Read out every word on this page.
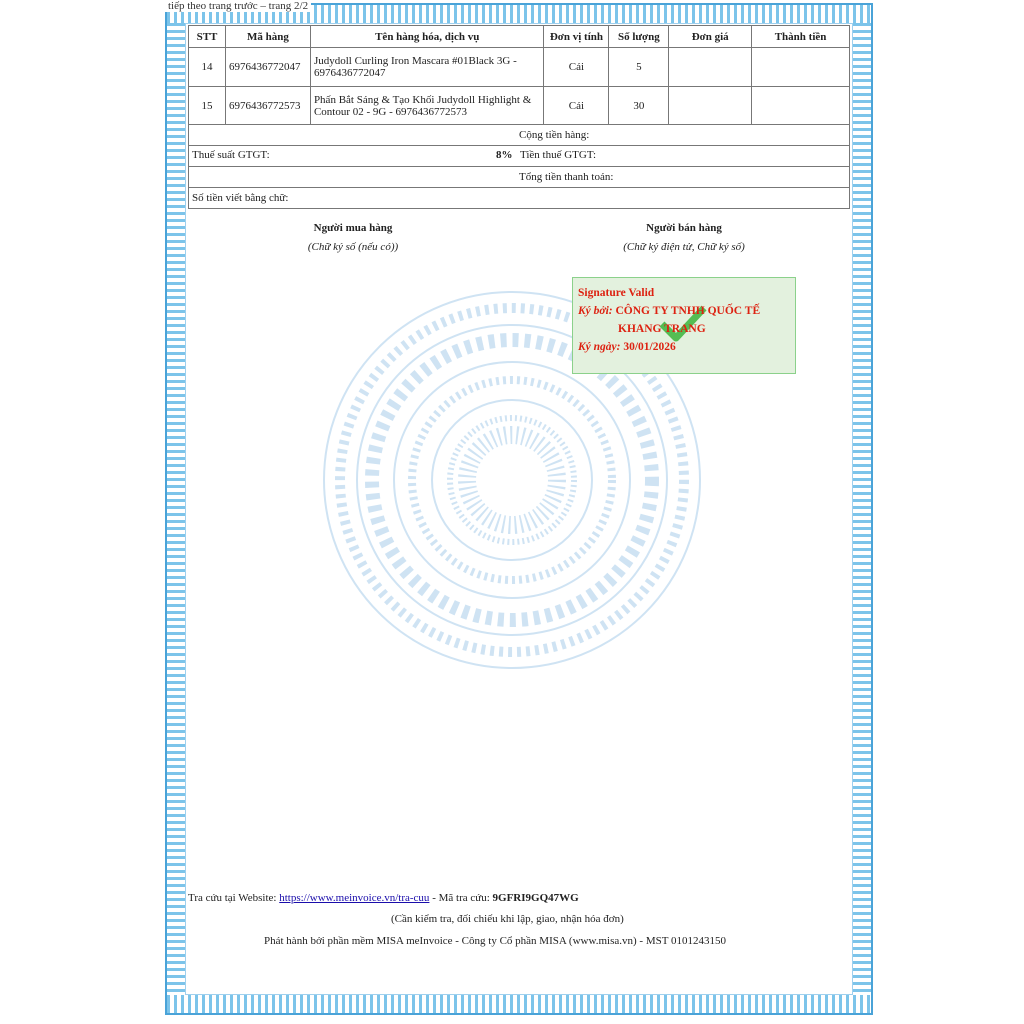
tiếp theo trang trước – trang 2/2
STT	Mã hàng	Tên hàng hóa, dịch vụ	Đơn vị tính	Số lượng	Đơn giá	Thành tiền
14	6976436772047	Judydoll Curling Iron Mascara #01Black 3G - 6976436772047	Cái	5		
15	6976436772573	Phấn Bắt Sáng & Tạo Khối Judydoll Highlight & Contour 02 - 9G - 6976436772573	Cái	30		
Cộng tiền hàng:						

Thuế suất GTGT: 8% Tiền thuế GTGT:						

Tổng tiền thanh toán:						
Số tiền viết bằng chữ:						
Người mua hàng
(Chữ ký số (nếu có))
Người bán hàng
(Chữ ký điện tử, Chữ ký số)
Signature Valid
Ký bởi: CÔNG TY TNHH QUỐC TẾ
KHANG TRANG
Ký ngày: 30/01/2026
Tra cứu tại Website: https://www.meinvoice.vn/tra-cuu - Mã tra cứu: 9GFRI9GQ47WG
(Cần kiểm tra, đối chiếu khi lập, giao, nhận hóa đơn)
Phát hành bởi phần mềm MISA meInvoice - Công ty Cổ phần MISA (www.misa.vn) - MST 0101243150
